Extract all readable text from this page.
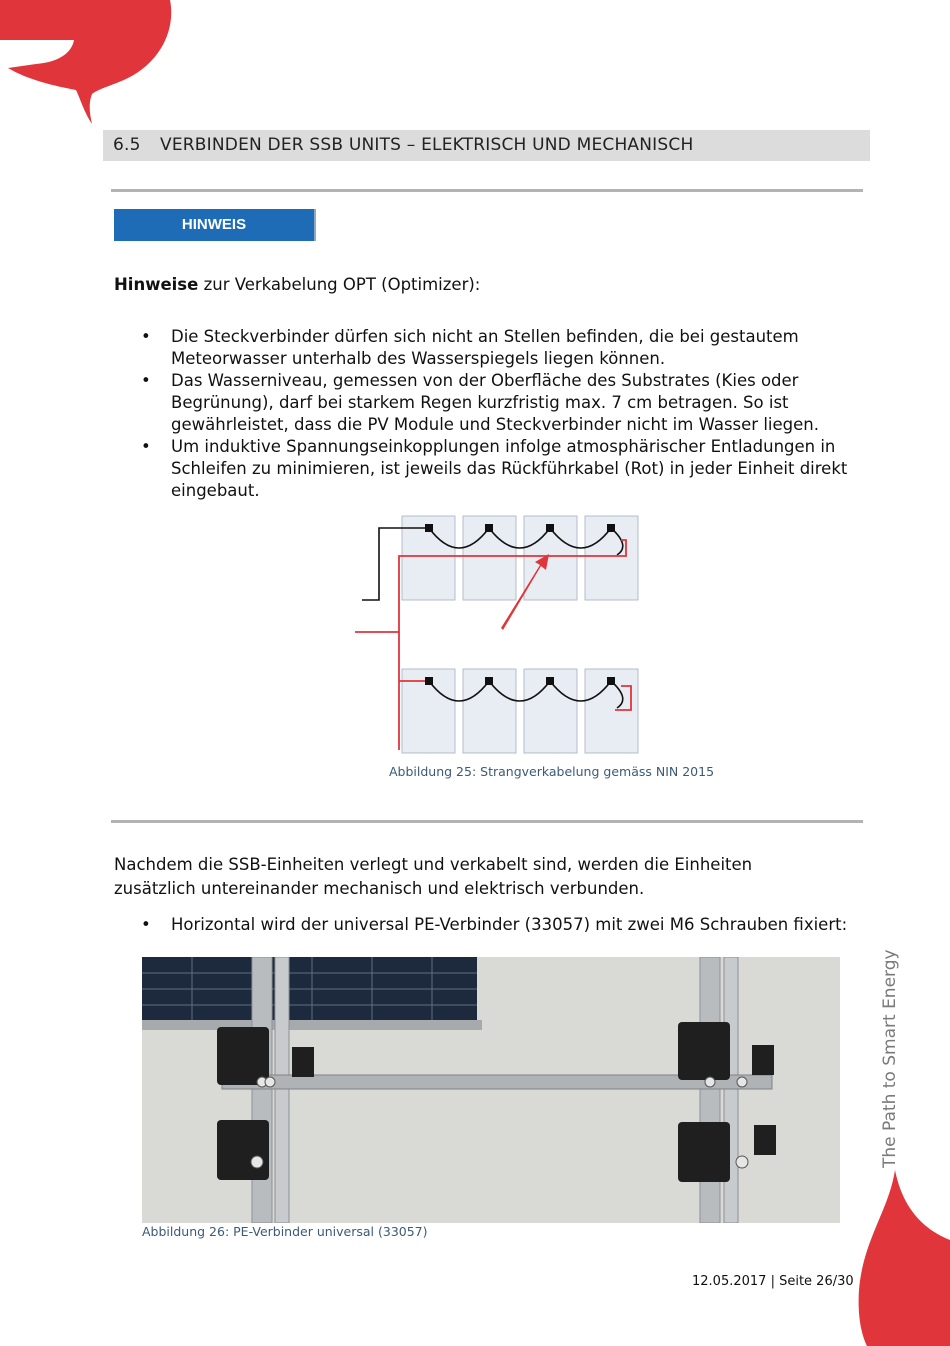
6.5 VERBINDEN DER SSB UNITS – ELEKTRISCH UND MECHANISCH
HINWEIS
Hinweise zur Verkabelung OPT (Optimizer):
• Die Steckverbinder dürfen sich nicht an Stellen befinden, die bei gestautem Meteorwasser unterhalb des Wasserspiegels liegen können.
• Das Wasserniveau, gemessen von der Oberfläche des Substrates (Kies oder Begrünung), darf bei starkem Regen kurzfristig max. 7 cm betragen. So ist gewährleistet, dass die PV Module und Steckverbinder nicht im Wasser liegen.
• Um induktive Spannungseinkopplungen infolge atmosphärischer Entladungen in Schleifen zu minimieren, ist jeweils das Rückführkabel (Rot) in jeder Einheit direkt eingebaut.
Abbildung 25: Strangverkabelung gemäss NIN 2015
Nachdem die SSB-Einheiten verlegt und verkabelt sind, werden die Einheiten zusätzlich untereinander mechanisch und elektrisch verbunden.
• Horizontal wird der universal PE-Verbinder (33057) mit zwei M6 Schrauben fixiert:
Abbildung 26: PE-Verbinder universal (33057)
12.05.2017 | Seite 26/30
The Path to Smart Energy
